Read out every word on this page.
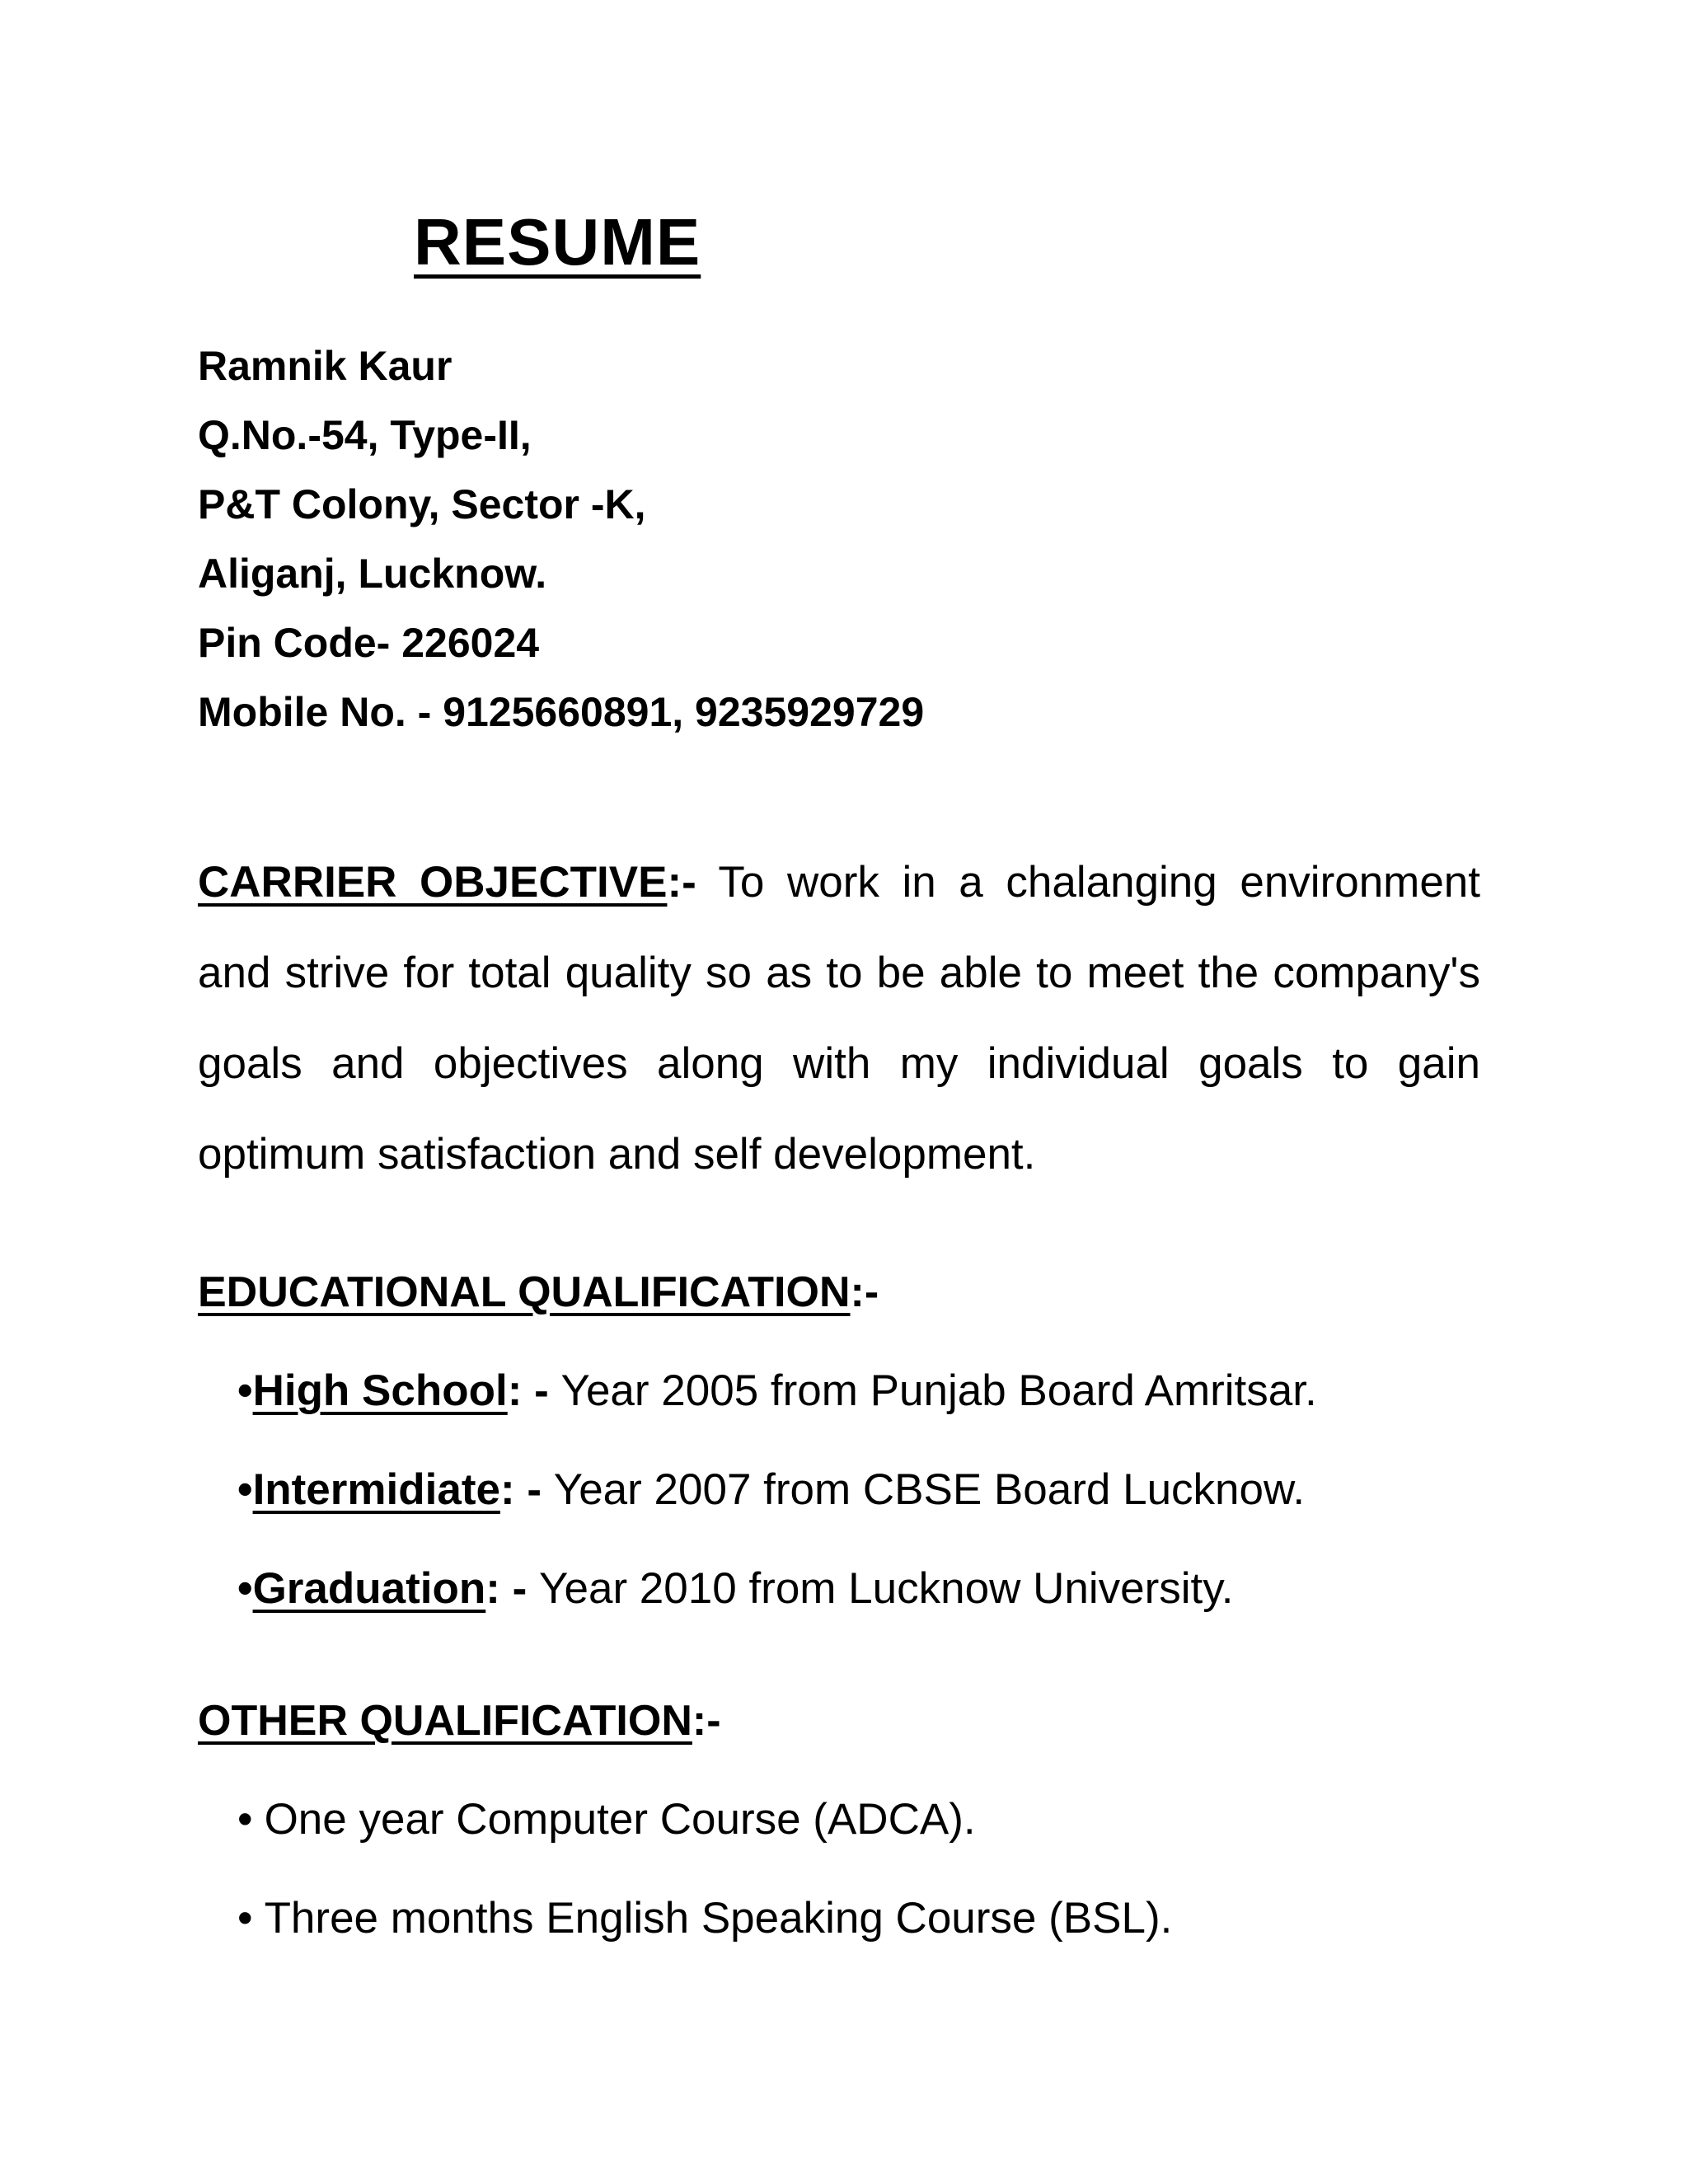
RESUME
Ramnik Kaur
Q.No.-54, Type-II,
P&T Colony, Sector -K,
Aliganj, Lucknow.
Pin Code- 226024
Mobile No. - 9125660891, 9235929729

CARRIER OBJECTIVE:- To work in a chalanging environment and strive for total quality so as to be able to meet the company's goals and objectives along with my individual goals to gain optimum satisfaction and self development.

EDUCATIONAL QUALIFICATION:-
•High School: - Year 2005 from Punjab Board Amritsar.
•Intermidiate: - Year 2007 from CBSE Board Lucknow.
•Graduation: - Year 2010 from Lucknow University.
OTHER QUALIFICATION:-
• One year Computer Course (ADCA).
• Three months English Speaking Course (BSL).
